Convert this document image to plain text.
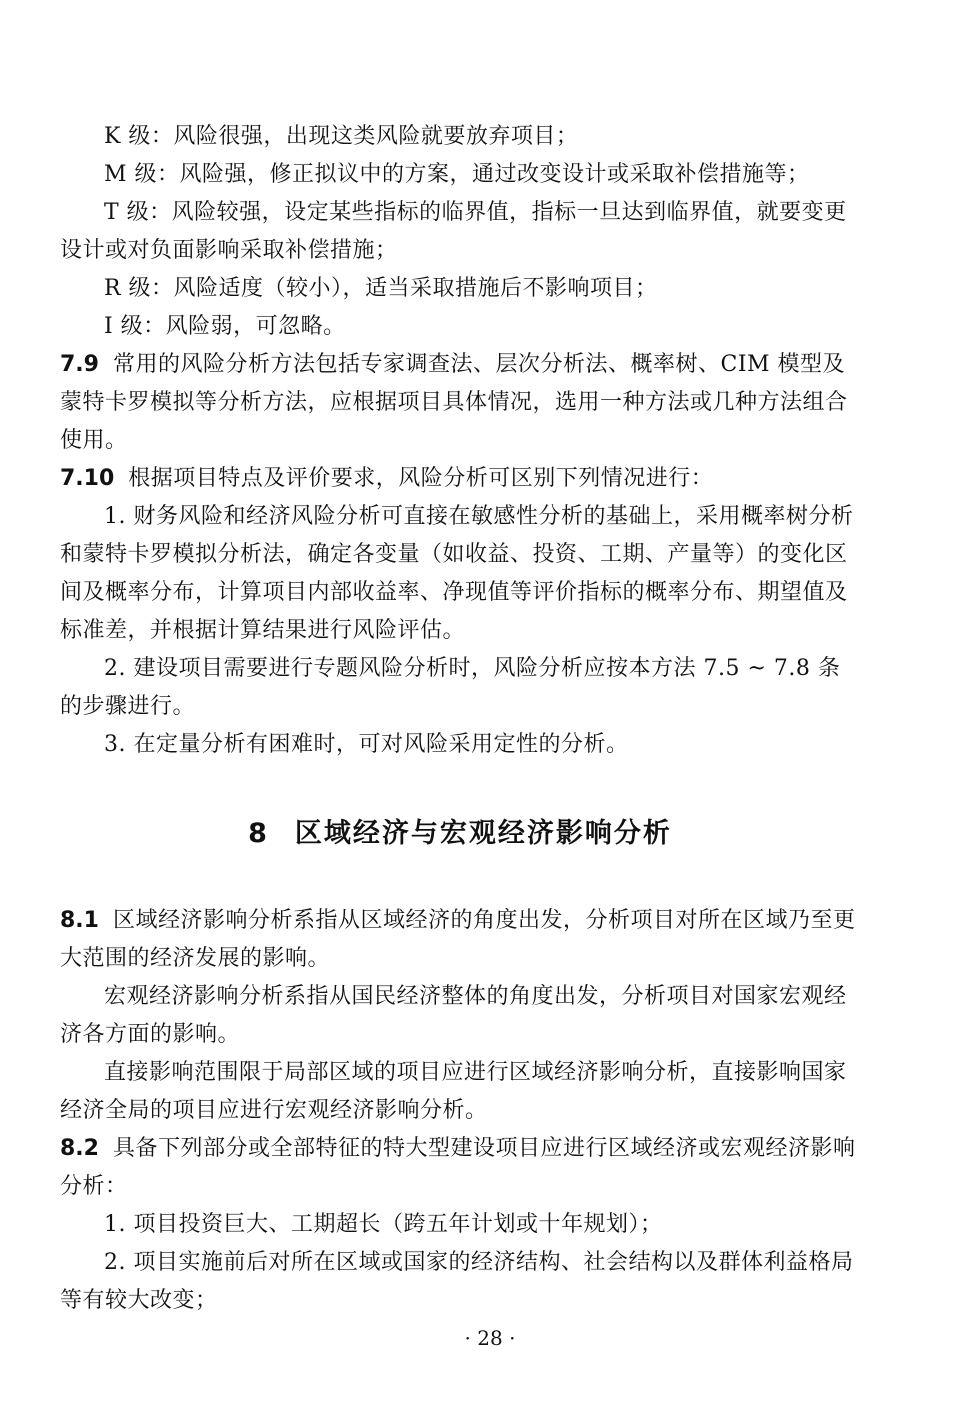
K 级：风险很强，出现这类风险就要放弃项目；

M 级：风险强，修正拟议中的方案，通过改变设计或采取补偿措施等；

T 级：风险较强，设定某些指标的临界值，指标一旦达到临界值，就要变更设计或对负面影响采取补偿措施；

R 级：风险适度（较小），适当采取措施后不影响项目；

I 级：风险弱，可忽略。

7.9 常用的风险分析方法包括专家调查法、层次分析法、概率树、CIM 模型及蒙特卡罗模拟等分析方法，应根据项目具体情况，选用一种方法或几种方法组合使用。

7.10 根据项目特点及评价要求，风险分析可区别下列情况进行：

1. 财务风险和经济风险分析可直接在敏感性分析的基础上，采用概率树分析和蒙特卡罗模拟分析法，确定各变量（如收益、投资、工期、产量等）的变化区间及概率分布，计算项目内部收益率、净现值等评价指标的概率分布、期望值及标准差，并根据计算结果进行风险评估。

2. 建设项目需要进行专题风险分析时，风险分析应按本方法 7.5 ~ 7.8 条的步骤进行。

3. 在定量分析有困难时，可对风险采用定性的分析。

8 区域经济与宏观经济影响分析

8.1 区域经济影响分析系指从区域经济的角度出发，分析项目对所在区域乃至更大范围的经济发展的影响。

宏观经济影响分析系指从国民经济整体的角度出发，分析项目对国家宏观经济各方面的影响。

直接影响范围限于局部区域的项目应进行区域经济影响分析，直接影响国家经济全局的项目应进行宏观经济影响分析。

8.2 具备下列部分或全部特征的特大型建设项目应进行区域经济或宏观经济影响分析：

1. 项目投资巨大、工期超长（跨五年计划或十年规划）；

2. 项目实施前后对所在区域或国家的经济结构、社会结构以及群体利益格局等有较大改变；

· 28 ·
